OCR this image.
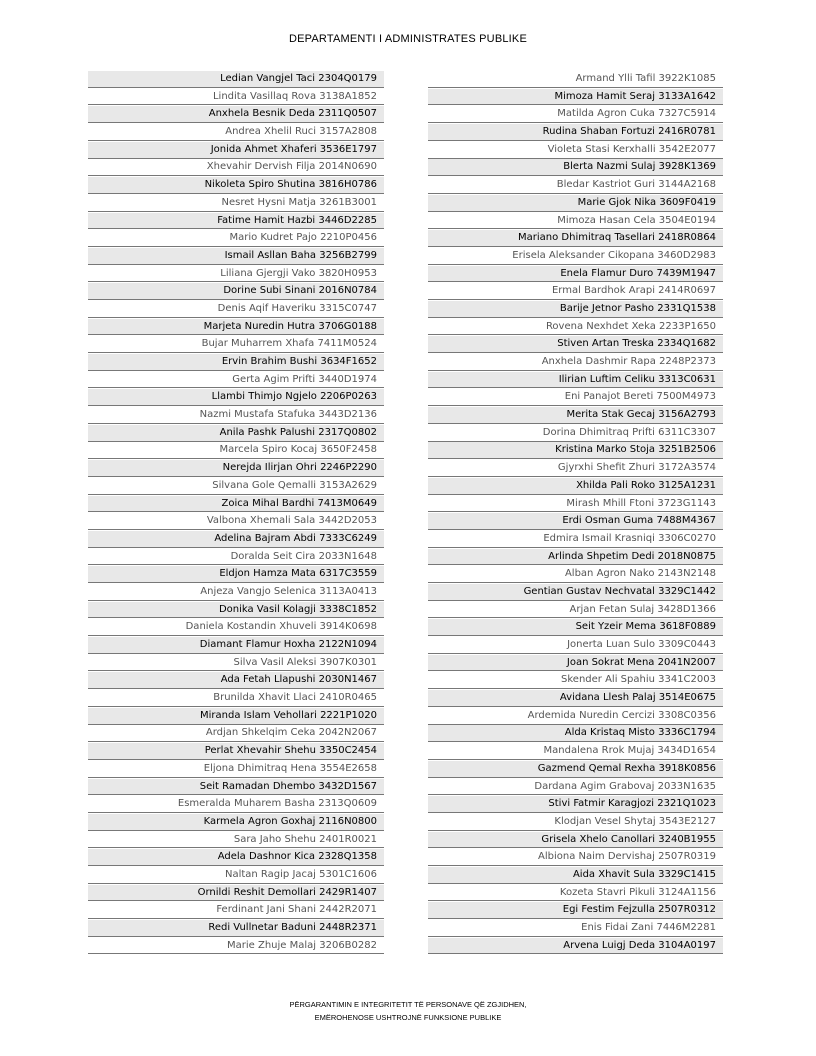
DEPARTAMENTI I ADMINISTRATES PUBLIKE
Ledian Vangjel Taci 2304Q0179
Lindita Vasillaq Rova 3138A1852
Anxhela Besnik Deda 2311Q0507
Andrea Xhelil Ruci 3157A2808
Jonida Ahmet Xhaferi 3536E1797
Xhevahir Dervish Filja 2014N0690
Nikoleta Spiro Shutina 3816H0786
Nesret Hysni Matja 3261B3001
Fatime Hamit Hazbi 3446D2285
Mario Kudret Pajo 2210P0456
Ismail Asllan Baha 3256B2799
Liliana Gjergji Vako 3820H0953
Dorine Subi Sinani 2016N0784
Denis Aqif Haveriku 3315C0747
Marjeta Nuredin Hutra 3706G0188
Bujar Muharrem Xhafa 7411M0524
Ervin Brahim Bushi 3634F1652
Gerta Agim Prifti 3440D1974
Llambi Thimjo Ngjelo 2206P0263
Nazmi Mustafa Stafuka 3443D2136
Anila Pashk Palushi 2317Q0802
Marcela Spiro Kocaj 3650F2458
Nerejda Ilirjan Ohri 2246P2290
Silvana Gole Qemalli 3153A2629
Zoica Mihal Bardhi 7413M0649
Valbona Xhemali Sala 3442D2053
Adelina Bajram Abdi 7333C6249
Doralda Seit Cira 2033N1648
Eldjon Hamza Mata 6317C3559
Anjeza Vangjo Selenica 3113A0413
Donika Vasil Kolagji 3338C1852
Daniela Kostandin Xhuveli 3914K0698
Diamant Flamur Hoxha 2122N1094
Silva Vasil Aleksi 3907K0301
Ada Fetah Llapushi 2030N1467
Brunilda Xhavit Llaci 2410R0465
Miranda Islam Vehollari 2221P1020
Ardjan Shkelqim Ceka 2042N2067
Perlat Xhevahir Shehu 3350C2454
Eljona Dhimitraq Hena 3554E2658
Seit Ramadan Dhembo 3432D1567
Esmeralda Muharem Basha 2313Q0609
Karmela Agron Goxhaj 2116N0800
Sara Jaho Shehu 2401R0021
Adela Dashnor Kica 2328Q1358
Naltan Ragip Jacaj 5301C1606
Ornildi Reshit Demollari 2429R1407
Ferdinant Jani Shani 2442R2071
Redi Vullnetar Baduni 2448R2371
Marie Zhuje Malaj 3206B0282
Armand Ylli Tafil 3922K1085
Mimoza Hamit Seraj 3133A1642
Matilda Agron Cuka 7327C5914
Rudina Shaban Fortuzi 2416R0781
Violeta Stasi Kerxhalli 3542E2077
Blerta Nazmi Sulaj 3928K1369
Bledar Kastriot Guri 3144A2168
Marie Gjok Nika 3609F0419
Mimoza Hasan Cela 3504E0194
Mariano Dhimitraq Tasellari 2418R0864
Erisela Aleksander Cikopana 3460D2983
Enela Flamur Duro 7439M1947
Ermal Bardhok Arapi 2414R0697
Barije Jetnor Pasho 2331Q1538
Rovena Nexhdet Xeka 2233P1650
Stiven Artan Treska 2334Q1682
Anxhela Dashmir Rapa 2248P2373
Ilirian Luftim Celiku 3313C0631
Eni Panajot Bereti 7500M4973
Merita Stak Gecaj 3156A2793
Dorina Dhimitraq Prifti 6311C3307
Kristina Marko Stoja 3251B2506
Gjyrxhi Shefit Zhuri 3172A3574
Xhilda Pali Roko 3125A1231
Mirash Mhill Ftoni 3723G1143
Erdi Osman Guma 7488M4367
Edmira Ismail Krasniqi 3306C0270
Arlinda Shpetim Dedi 2018N0875
Alban Agron Nako 2143N2148
Gentian Gustav Nechvatal 3329C1442
Arjan Fetan Sulaj 3428D1366
Seit Yzeir Mema 3618F0889
Jonerta Luan Sulo 3309C0443
Joan Sokrat Mena 2041N2007
Skender Ali Spahiu 3341C2003
Avidana Llesh Palaj 3514E0675
Ardemida Nuredin Cercizi 3308C0356
Alda Kristaq Misto 3336C1794
Mandalena Rrok Mujaj 3434D1654
Gazmend Qemal Rexha 3918K0856
Dardana Agim Grabovaj 2033N1635
Stivi Fatmir Karagjozi 2321Q1023
Klodjan Vesel Shytaj 3543E2127
Grisela Xhelo Canollari 3240B1955
Albiona Naim Dervishaj 2507R0319
Aida Xhavit Sula 3329C1415
Kozeta Stavri Pikuli 3124A1156
Egi Festim Fejzulla 2507R0312
Enis Fidai Zani 7446M2281
Arvena Luigj Deda 3104A0197
PËRGARANTIMIN E INTEGRITETIT TË PERSONAVE QË ZGJIDHEN,
EMËROHENOSE USHTROJNË FUNKSIONE PUBLIKE
